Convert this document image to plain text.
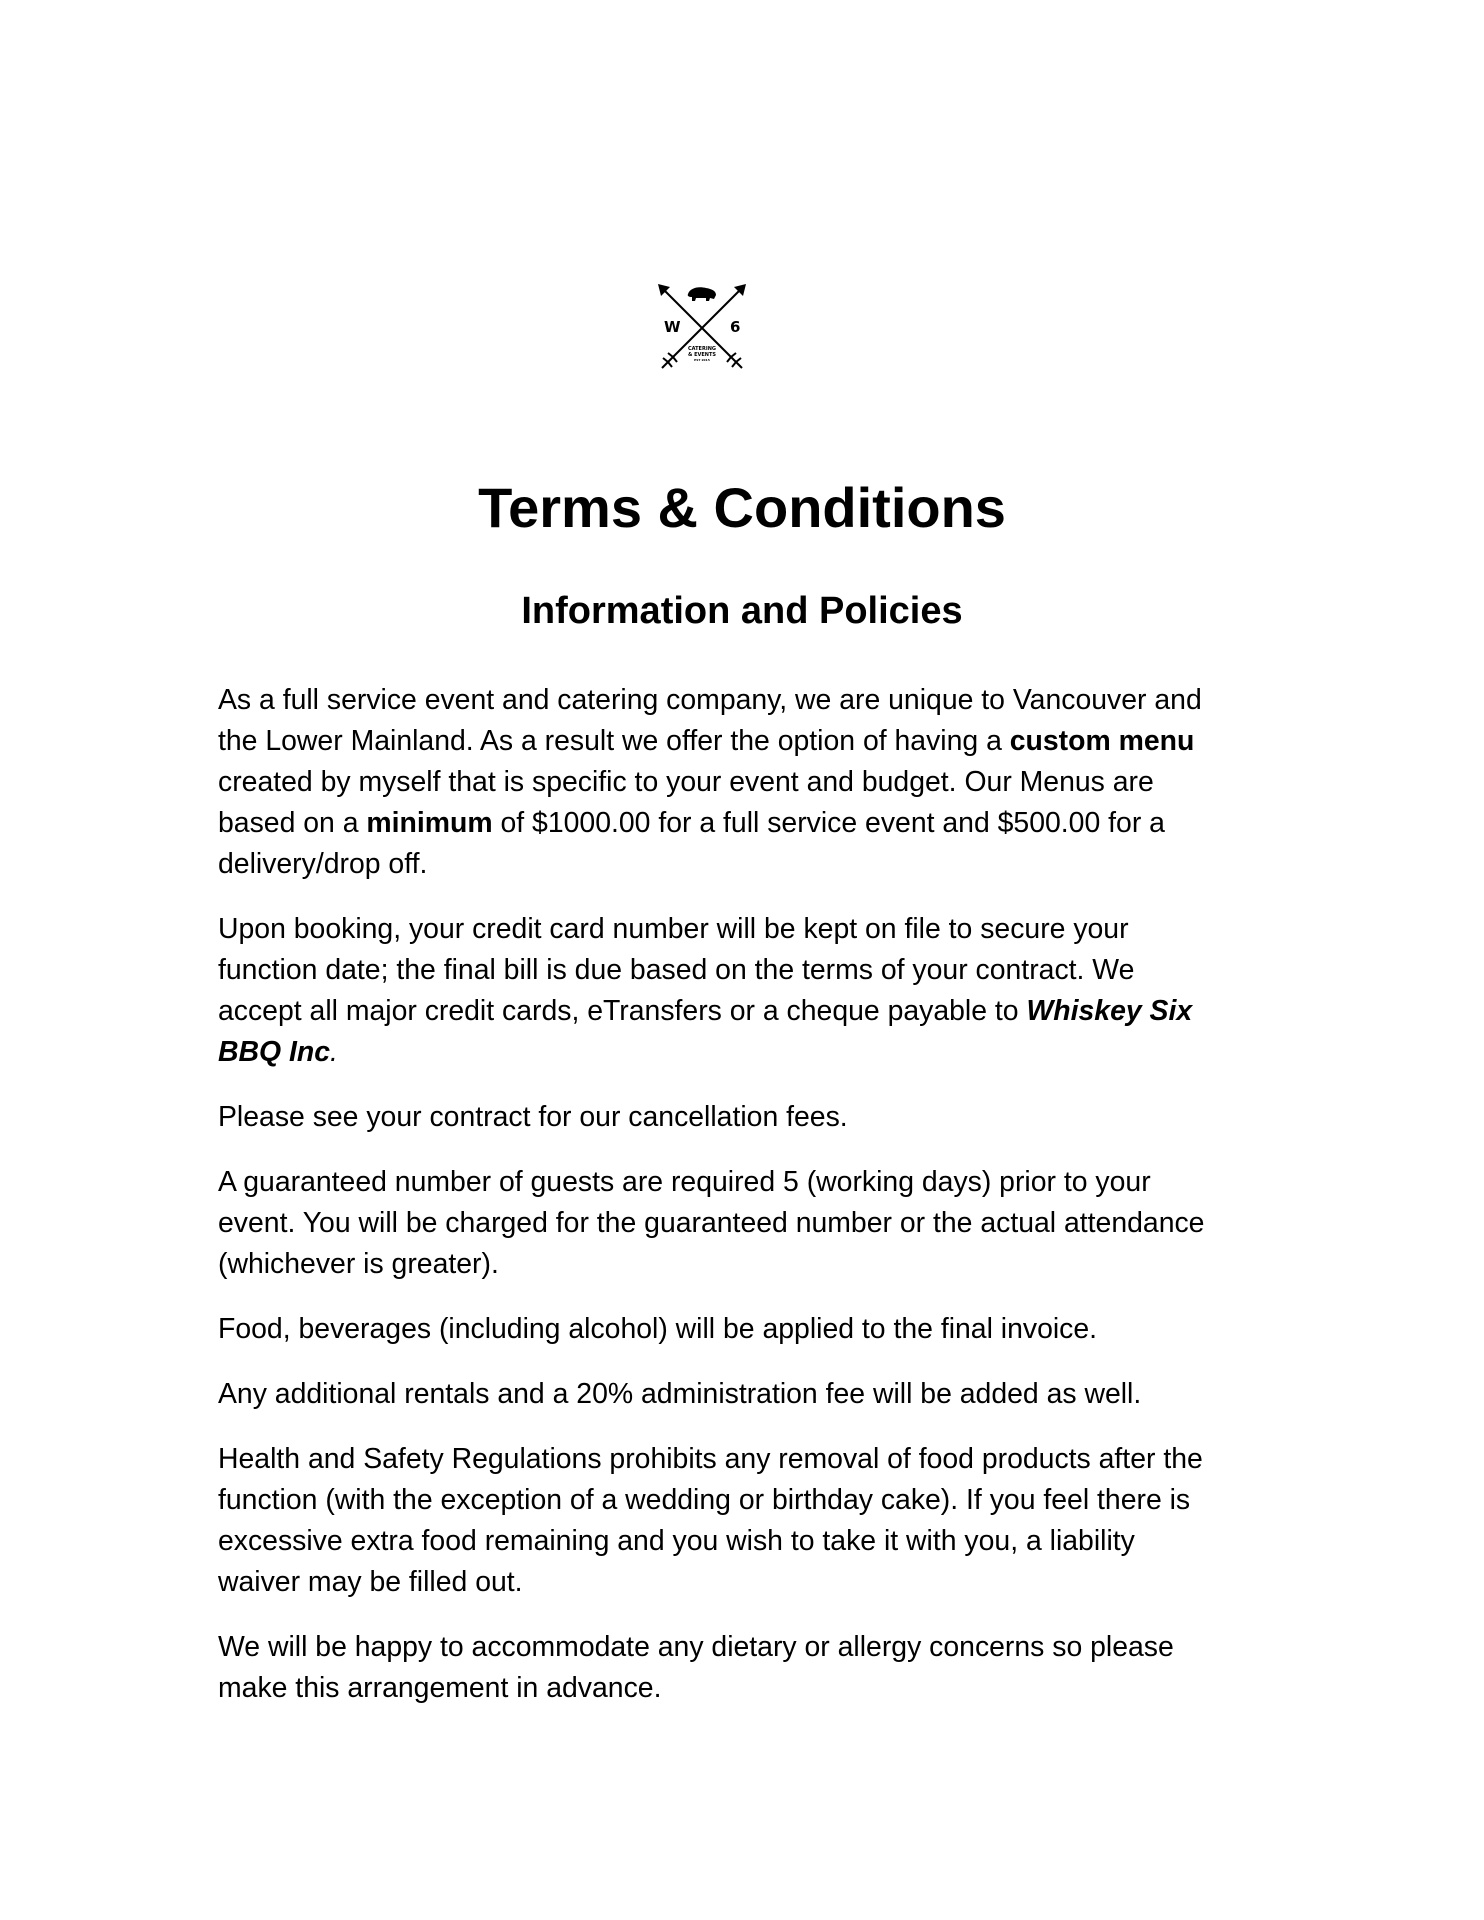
W	6
CATERING
& EVENTS
EST 2015
Terms & Conditions
Information and Policies

As a full service event and catering company, we are unique to Vancouver and the Lower Mainland. As a result we offer the option of having a custom menu created by myself that is specific to your event and budget. Our Menus are based on a minimum of $1000.00 for a full service event and $500.00 for a delivery/drop off.

Upon booking, your credit card number will be kept on file to secure your function date; the final bill is due based on the terms of your contract. We accept all major credit cards, eTransfers or a cheque payable to Whiskey Six BBQ Inc.

Please see your contract for our cancellation fees.

A guaranteed number of guests are required 5 (working days) prior to your event. You will be charged for the guaranteed number or the actual attendance (whichever is greater).

Food, beverages (including alcohol) will be applied to the final invoice.

Any additional rentals and a 20% administration fee will be added as well.

Health and Safety Regulations prohibits any removal of food products after the function (with the exception of a wedding or birthday cake). If you feel there is excessive extra food remaining and you wish to take it with you, a liability waiver may be filled out.

We will be happy to accommodate any dietary or allergy concerns so please make this arrangement in advance.
